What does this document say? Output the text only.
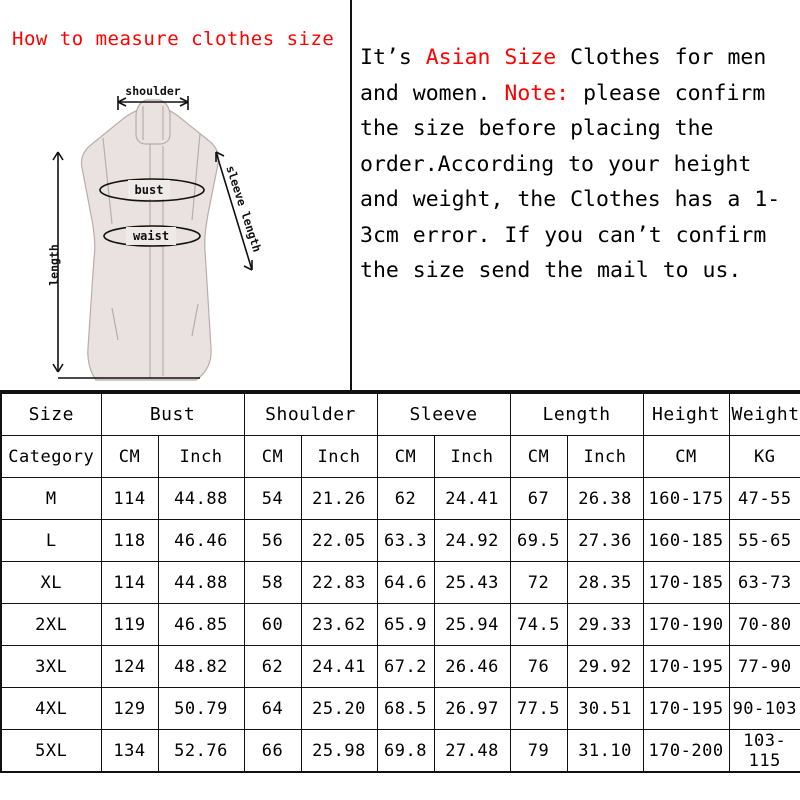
How to measure clothes size
shoulder
bust
waist	sleeve length
length
It’s Asian Size Clothes for men and women. Note: please confirm the size before placing the order.According to your height and weight, the Clothes has a 1-3cm error. If you can’t confirm the size send the mail to us.
Size	Bust		Shoulder		Sleeve		Length		Height	Weight
Category	CM	Inch	CM	Inch	CM	Inch	CM	Inch	CM	KG
M	114	44.88	54	21.26	62	24.41	67	26.38	160-175	47-55
L	118	46.46	56	22.05	63.3	24.92	69.5	27.36	160-185	55-65
XL	114	44.88	58	22.83	64.6	25.43	72	28.35	170-185	63-73
2XL	119	46.85	60	23.62	65.9	25.94	74.5	29.33	170-190	70-80
3XL	124	48.82	62	24.41	67.2	26.46	76	29.92	170-195	77-90
4XL	129	50.79	64	25.20	68.5	26.97	77.5	30.51	170-195	90-103
5XL	134	52.76	66	25.98	69.8	27.48	79	31.10	170-200	103-115
